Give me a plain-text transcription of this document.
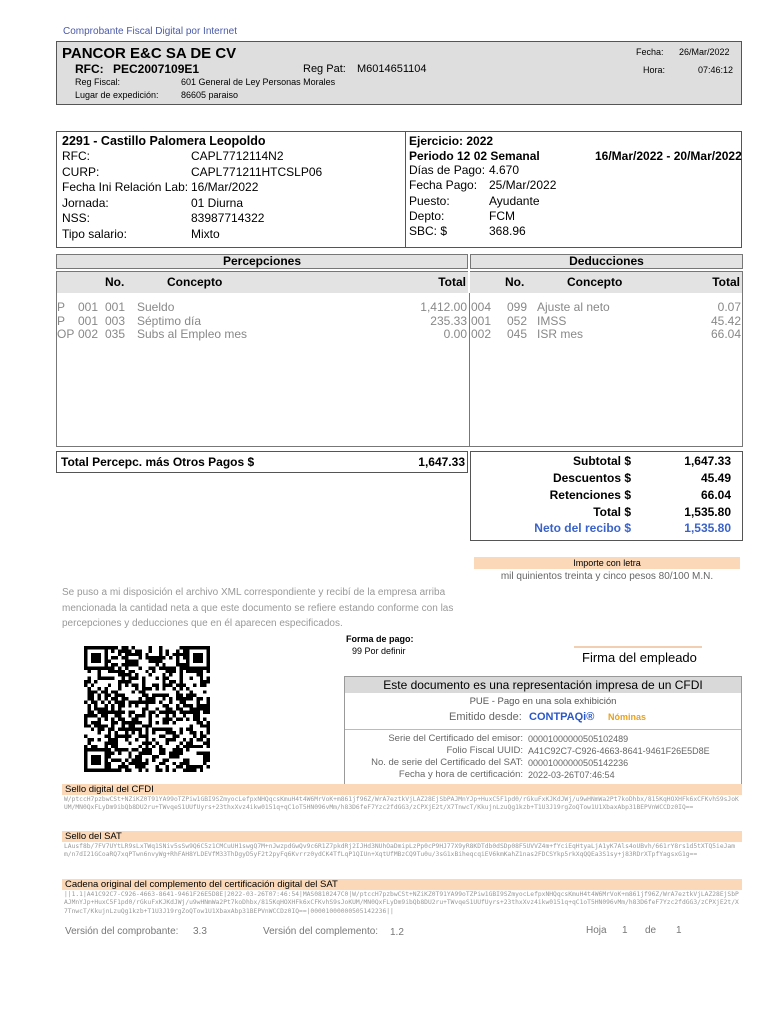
Comprobante Fiscal Digital por Internet
PANCOR E&C SA DE CV
RFC: PEC2007109E1	Reg Pat: M6014651104
Reg Fiscal:	601 General de Ley Personas Morales
Lugar de expedición: 86605 paraiso
Fecha: 26/Mar/2022
Hora:	07:46:12
2291 - Castillo Palomera Leopoldo
RFC:	CAPL7712114N2
CURP:	CAPL771211HTCSLP06
Fecha Ini Relación Lab: 16/Mar/2022
Jornada:	01 Diurna
NSS:	83987714322
Tipo salario:	Mixto
Ejercicio: 2022
Periodo 12 02 Semanal	16/Mar/2022 - 20/Mar/2022
Días de Pago: 4.670
Fecha Pago: 25/Mar/2022
Puesto:	Ayudante
Depto:	FCM
SBC: $	368.96
Percepciones	Deducciones
No.	Concepto	Total	No.	Concepto	Total
P 001 001 Sueldo	1,412.00
P 001 003 Séptimo día	235.33
OP 002 035 Subs al Empleo mes	0.00
004 099 Ajuste al neto	0.07
001 052 IMSS	45.42
002 045 ISR mes	66.04
Total Percepc. más Otros Pagos $	1,647.33	Subtotal $	1,647.33
Descuentos $	45.49
Retenciones $	66.04
Total $	1,535.80
Neto del recibo $	1,535.80
Importe con letra
mil quinientos treinta y cinco pesos 80/100 M.N.
Se puso a mi disposición el archivo XML correspondiente y recibí de la empresa arriba mencionada la cantidad neta a que este documento se refiere estando conforme con las percepciones y deducciones que en él aparecen especificados.
Forma de pago:
99 Por definir	Firma del empleado
Este documento es una representación impresa de un CFDI
PUE - Pago en una sola exhibición
Emitido desde: CONTPAQi® Nóminas
Serie del Certificado del emisor: 00001000000505102489
Folio Fiscal UUID: A41C92C7-C926-4663-8641-9461F26E5D8E
No. de serie del Certificado del SAT: 00001000000505142236
Fecha y hora de certificación: 2022-03-26T07:46:54
Sello digital del CFDI
W/ptccH7pzbwCSt+NZiKZ0T91YA99oTZPiw1GBI9SZmyocLefpxNHQqcsKmuH4t4W6MrVoK+m861jf96Z/WrA7eztkVjLAZ28EjSbPAJMnYJp+HuxC5F1pd0/rGkuFxKJKdJWj/u9wHNmWa2Pt7koDhbx/815KqHOXHFk6xCFKvhS9sJoKUM/MN0QxFLyDm9ibQb8DU2ru+TWvqeS1UUfUyrs+23thxXvz4ikw0151q+qC1oT5HN096vMm/h83D6feF7Yzc2fdGG3/zCPXjE2t/X7TnwcT/KkujnLzuQg1kzb+T1U3J19rgZoQTow1U1XbaxAbp31BEPVnWCCDz0IQ==
Sello del SAT
LAusf8b/7FV7UYtLR9sLxTWq1SNiv5sSw9Q6C5z1CMCuUH1swgQ7M+nJwzpdGwQv9c6R1Z7pkdRj2IJHd3NUhOaDmipLzPp0cP9HJ77X9yR8KDTdb0dSDp08F5UVVZ4m+fYciEqHtyaLjA1yK7Als4oUBvh/661rY8rs1d5tXTQ5ieJamm/n7dI21GCoaRQ7xqPTwn6nvyWg+RhFAH8YLDEVfM33ThDgyD5yF2t2pyFq6Kvrrz0ydCK4TfLqP1QIUn+XqtUfMBzCQ9Tu0u/3sG1xBiheqcqiEV6kmKahZ1nas2FDCSYkp5rkXqQQEa3S1sy+j83RDrXTpfYagsxG1g==
Cadena original del complemento del certificación digital del SAT
||1.1|A41C92C7-C926-4663-8641-9461F26E5D8E|2022-03-26T07:46:54|MAS0810247C0|W/ptccH7pzbwCSt+NZiKZ0T91YA99oTZPiw1GBI9SZmyocLefpxNHQqcsKmuH4t4W6MrVoK+m861jf96Z/WrA7eztkVjLAZ28EjSbPAJMnYJp+HuxC5F1pd0/rGkuFxKJKdJWj/u9wHNmWa2Pt7koDhbx/815KqHOXHFk6xCFKvhS9sJoKUM/MN0QxFLyDm9ibQb8DU2ru+TWvqeS1UUfUyrs+23thxXvz4ikw0151q+qC1oT5HN096vMm/h83D6feF7Yzc2fdGG3/zCPXjE2t/X7TnwcT/KkujnLzuQg1kzb+T1U3J19rgZoQTow1U1XbaxAbp31BEPVnWCCDz0IQ==|00001000000505142236||
Versión del comprobante: 3.3	Versión del complemento: 1.2	Hoja 1 de 1
